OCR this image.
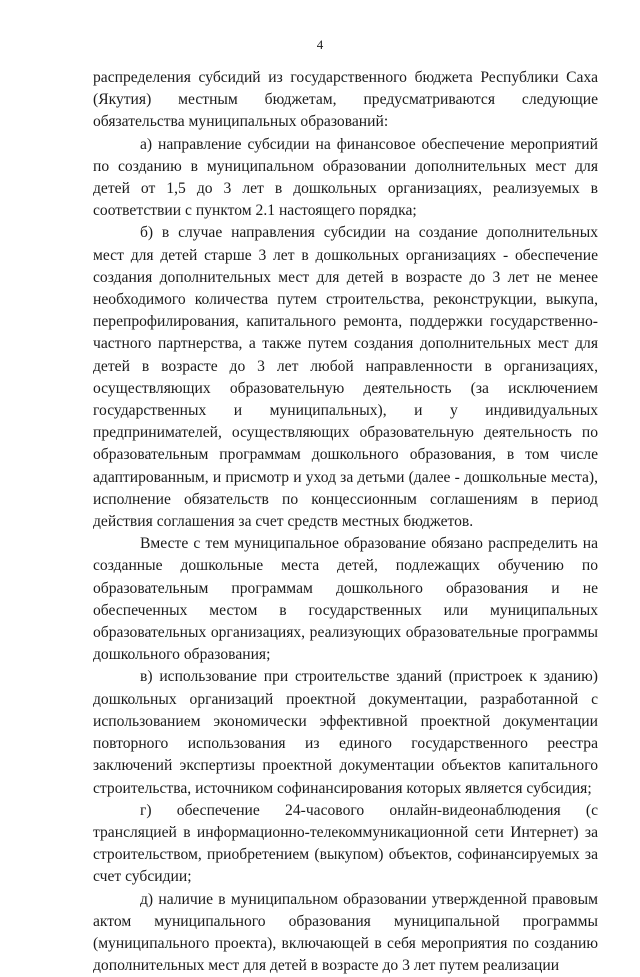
4

распределения субсидий из государственного бюджета Республики Саха (Якутия) местным бюджетам, предусматриваются следующие обязательства муниципальных образований:

а) направление субсидии на финансовое обеспечение мероприятий по созданию в муниципальном образовании дополнительных мест для детей от 1,5 до 3 лет в дошкольных организациях, реализуемых в соответствии с пунктом 2.1 настоящего порядка;

б) в случае направления субсидии на создание дополнительных мест для детей старше 3 лет в дошкольных организациях - обеспечение создания дополнительных мест для детей в возрасте до 3 лет не менее необходимого количества путем строительства, реконструкции, выкупа, перепрофилирования, капитального ремонта, поддержки государственно-частного партнерства, а также путем создания дополнительных мест для детей в возрасте до 3 лет любой направленности в организациях, осуществляющих образовательную деятельность (за исключением государственных и муниципальных), и у индивидуальных предпринимателей, осуществляющих образовательную деятельность по образовательным программам дошкольного образования, в том числе адаптированным, и присмотр и уход за детьми (далее - дошкольные места), исполнение обязательств по концессионным соглашениям в период действия соглашения за счет средств местных бюджетов.

Вместе с тем муниципальное образование обязано распределить на созданные дошкольные места детей, подлежащих обучению по образовательным программам дошкольного образования и не обеспеченных местом в государственных или муниципальных образовательных организациях, реализующих образовательные программы дошкольного образования;

в) использование при строительстве зданий (пристроек к зданию) дошкольных организаций проектной документации, разработанной с использованием экономически эффективной проектной документации повторного использования из единого государственного реестра заключений экспертизы проектной документации объектов капитального строительства, источником софинансирования которых является субсидия;

г) обеспечение 24-часового онлайн-видеонаблюдения (с трансляцией в информационно-телекоммуникационной сети Интернет) за строительством, приобретением (выкупом) объектов, софинансируемых за счет субсидии;

д) наличие в муниципальном образовании утвержденной правовым актом муниципального образования муниципальной программы (муниципального проекта), включающей в себя мероприятия по созданию дополнительных мест для детей в возрасте до 3 лет путем реализации
